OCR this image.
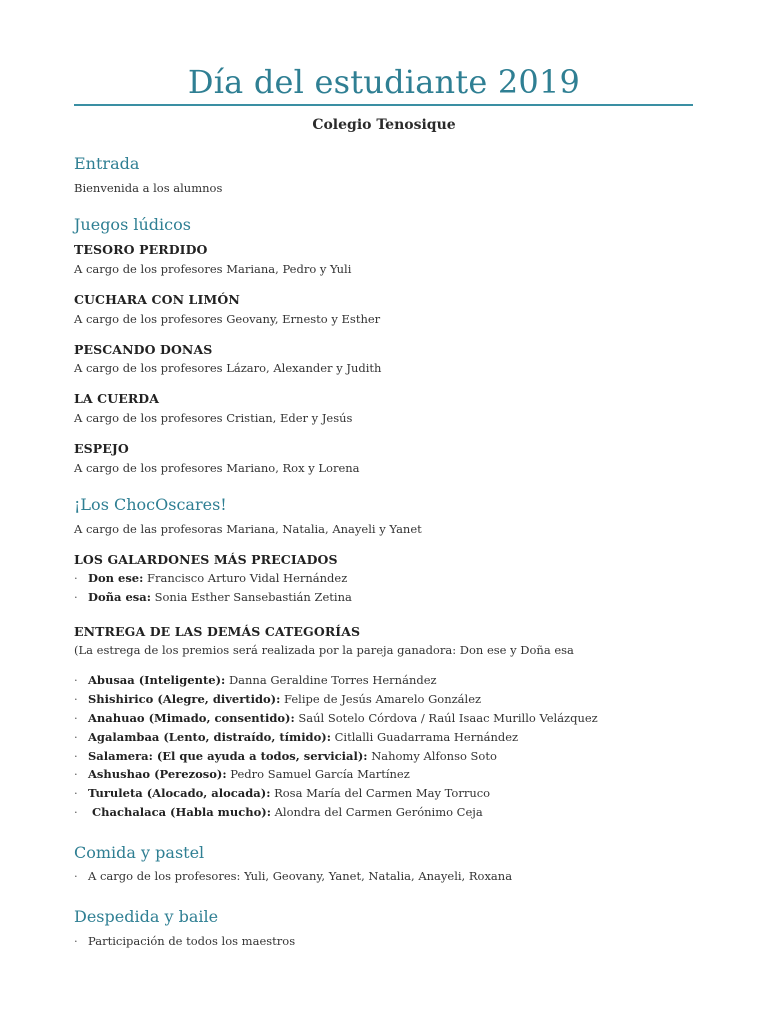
Día del estudiante 2019
Colegio Tenosique
Entrada
Bienvenida a los alumnos
Juegos lúdicos
TESORO PERDIDO
A cargo de los profesores Mariana, Pedro y Yuli
CUCHARA CON LIMÓN
A cargo de los profesores Geovany, Ernesto y Esther
PESCANDO DONAS
A cargo de los profesores Lázaro, Alexander y Judith
LA CUERDA
A cargo de los profesores Cristian, Eder y Jesús
ESPEJO
A cargo de los profesores Mariano, Rox y Lorena
¡Los ChocOscares!
A cargo de las profesoras Mariana, Natalia, Anayeli y Yanet
LOS GALARDONES MÁS PRECIADOS
· Don ese: Francisco Arturo Vidal Hernández
· Doña esa: Sonia Esther Sansebastián Zetina
ENTREGA DE LAS DEMÁS CATEGORÍAS
(La estrega de los premios será realizada por la pareja ganadora: Don ese y Doña esa
· Abusaa (Inteligente): Danna Geraldine Torres Hernández
· Shishirico (Alegre, divertido): Felipe de Jesús Amarelo González
· Anahuao (Mimado, consentido): Saúl Sotelo Córdova / Raúl Isaac Murillo Velázquez
· Agalambaa (Lento, distraído, tímido): Citlalli Guadarrama Hernández
· Salamera: (El que ayuda a todos, servicial): Nahomy Alfonso Soto
· Ashushao (Perezoso): Pedro Samuel García Martínez
· Turuleta (Alocado, alocada): Rosa María del Carmen May Torruco
· Chachalaca (Habla mucho): Alondra del Carmen Gerónimo Ceja
Comida y pastel
· A cargo de los profesores: Yuli, Geovany, Yanet, Natalia, Anayeli, Roxana
Despedida y baile
· Participación de todos los maestros
